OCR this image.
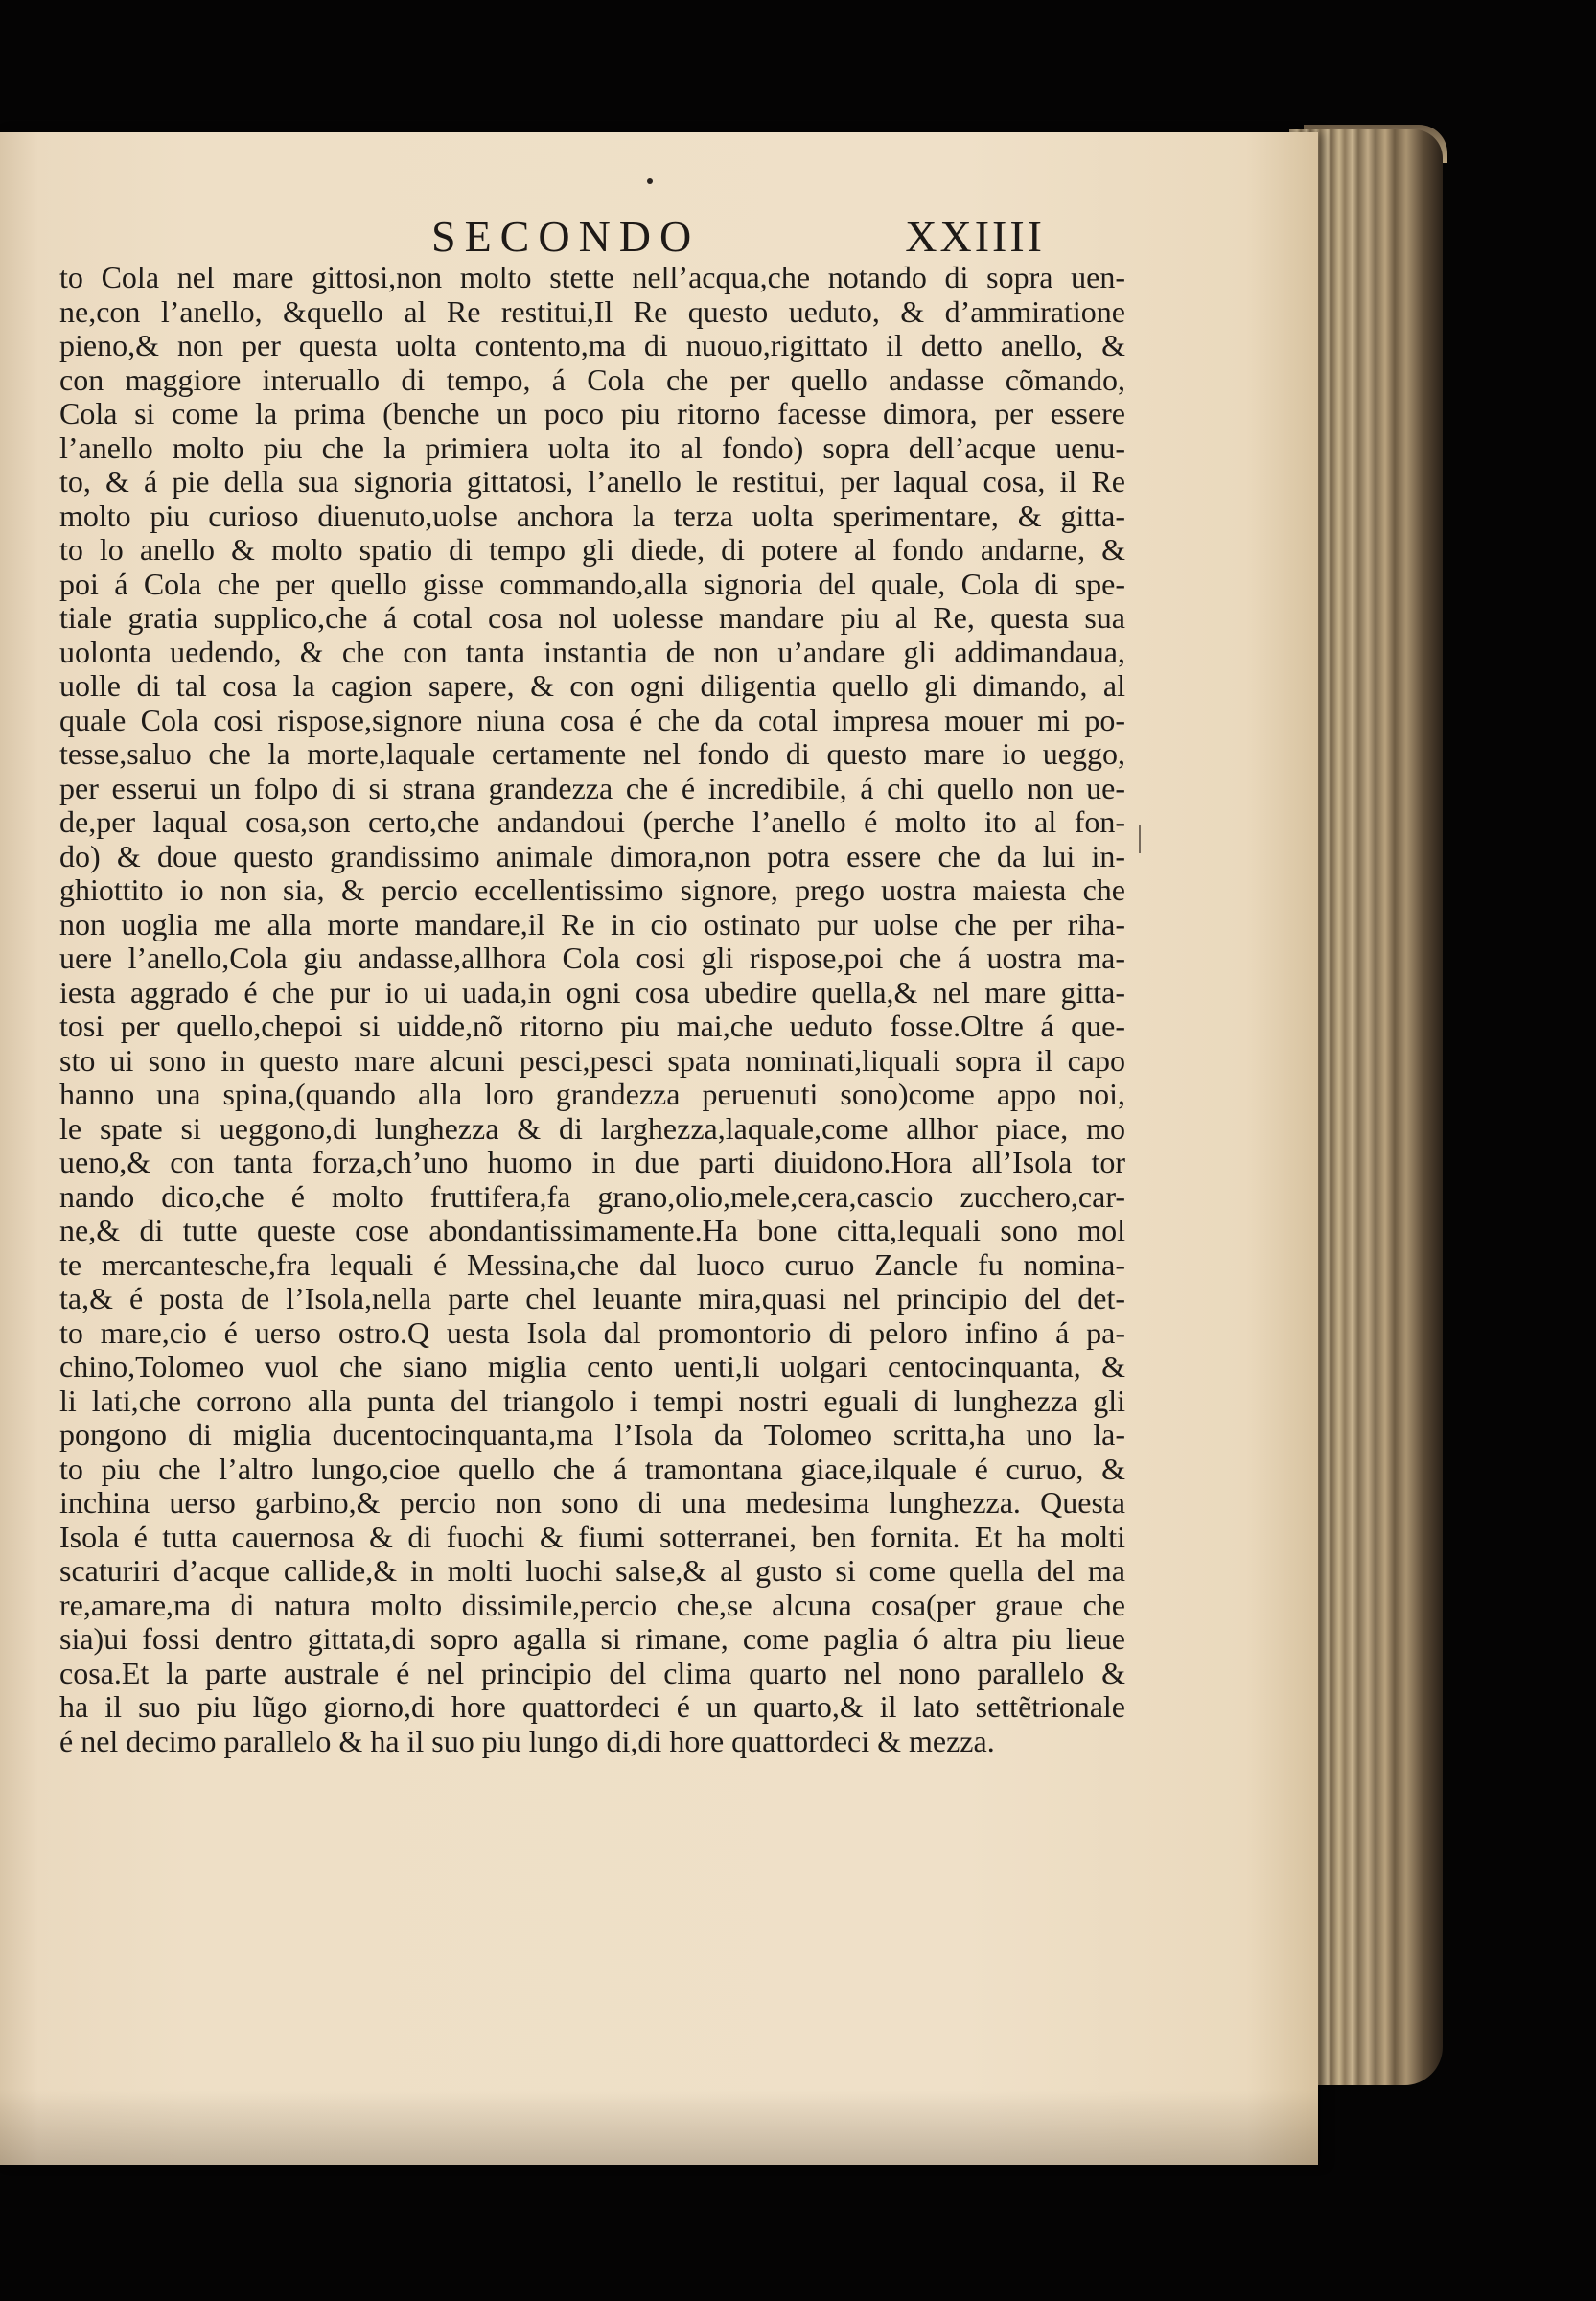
SECONDO	XXIIII
to Cola nel mare gittosi,non molto stette nell’acqua,che notando di sopra uen-
ne,con l’anello, &quello al Re restitui,Il Re questo ueduto, & d’ammiratione
pieno,& non per questa uolta contento,ma di nuouo,rigittato il detto anello, &
con maggiore interuallo di tempo, á Cola che per quello andasse cõmando,
Cola si come la prima (benche un poco piu ritorno facesse dimora, per essere
l’anello molto piu che la primiera uolta ito al fondo) sopra dell’acque uenu-
to, & á pie della sua signoria gittatosi, l’anello le restitui, per laqual cosa, il Re
molto piu curioso diuenuto,uolse anchora la terza uolta sperimentare, & gitta-
to lo anello & molto spatio di tempo gli diede, di potere al fondo andarne, &
poi á Cola che per quello gisse commando,alla signoria del quale, Cola di spe-
tiale gratia supplico,che á cotal cosa nol uolesse mandare piu al Re, questa sua
uolonta uedendo, & che con tanta instantia de non u’andare gli addimandaua,
uolle di tal cosa la cagion sapere, & con ogni diligentia quello gli dimando, al
quale Cola cosi rispose,signore niuna cosa é che da cotal impresa mouer mi po-
tesse,saluo che la morte,laquale certamente nel fondo di questo mare io ueggo,
per esserui un folpo di si strana grandezza che é incredibile, á chi quello non ue-
de,per laqual cosa,son certo,che andandoui (perche l’anello é molto ito al fon-
do) & doue questo grandissimo animale dimora,non potra essere che da lui in-
ghiottito io non sia, & percio eccellentissimo signore, prego uostra maiesta che
non uoglia me alla morte mandare,il Re in cio ostinato pur uolse che per riha-
uere l’anello,Cola giu andasse,allhora Cola cosi gli rispose,poi che á uostra ma-
iesta aggrado é che pur io ui uada,in ogni cosa ubedire quella,& nel mare gitta-
tosi per quello,chepoi si uidde,nõ ritorno piu mai,che ueduto fosse.Oltre á que-
sto ui sono in questo mare alcuni pesci,pesci spata nominati,liquali sopra il capo
hanno una spina,(quando alla loro grandezza peruenuti sono)come appo noi,
le spate si ueggono,di lunghezza & di larghezza,laquale,come allhor piace, mo
ueno,& con tanta forza,ch’uno huomo in due parti diuidono.Hora all’Isola tor
nando dico,che é molto fruttifera,fa grano,olio,mele,cera,cascio zucchero,car-
ne,& di tutte queste cose abondantissimamente.Ha bone citta,lequali sono mol
te mercantesche,fra lequali é Messina,che dal luoco curuo Zancle fu nomina-
ta,& é posta de l’Isola,nella parte chel leuante mira,quasi nel principio del det-
to mare,cio é uerso ostro.Q uesta Isola dal promontorio di peloro infino á pa-
chino,Tolomeo vuol che siano miglia cento uenti,li uolgari centocinquanta, &
li lati,che corrono alla punta del triangolo i tempi nostri eguali di lunghezza gli
pongono di miglia ducentocinquanta,ma l’Isola da Tolomeo scritta,ha uno la-
to piu che l’altro lungo,cioe quello che á tramontana giace,ilquale é curuo, &
inchina uerso garbino,& percio non sono di una medesima lunghezza. Questa
Isola é tutta cauernosa & di fuochi & fiumi sotterranei, ben fornita. Et ha molti
scaturiri d’acque callide,& in molti luochi salse,& al gusto si come quella del ma
re,amare,ma di natura molto dissimile,percio che,se alcuna cosa(per graue che
sia)ui fossi dentro gittata,di sopro agalla si rimane, come paglia ó altra piu lieue
cosa.Et la parte australe é nel principio del clima quarto nel nono parallelo &
ha il suo piu lũgo giorno,di hore quattordeci é un quarto,& il lato settẽtrionale
é nel decimo parallelo & ha il suo piu lungo di,di hore quattordeci & mezza.
